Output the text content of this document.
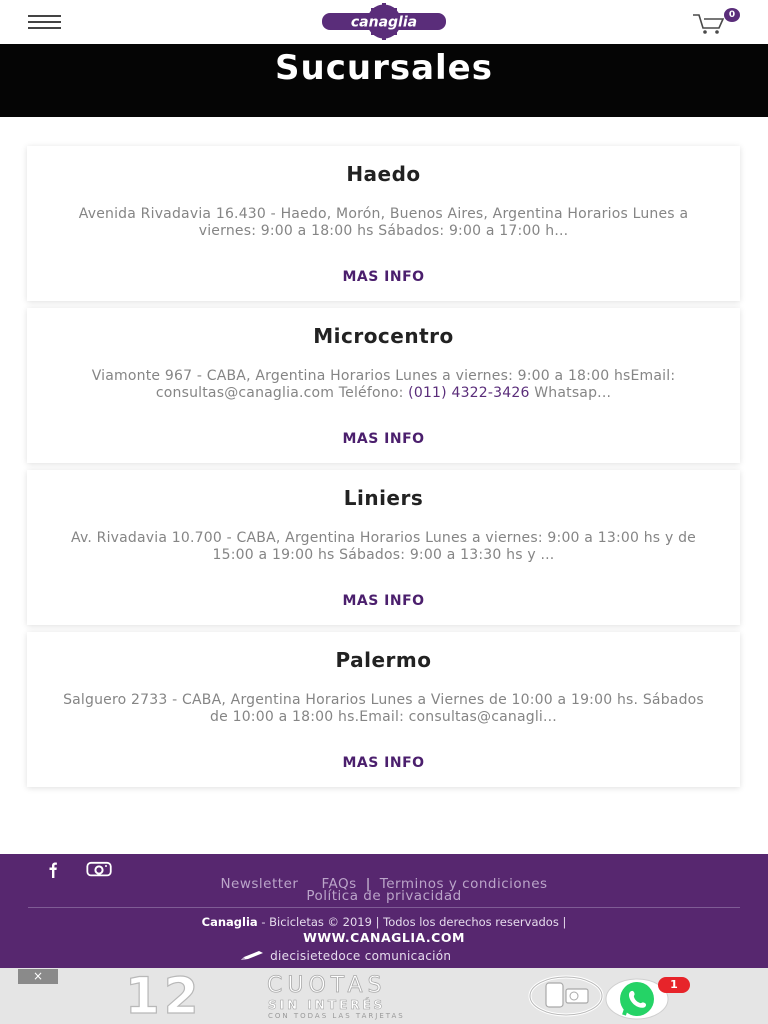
canaglia	0
Sucursales
Haedo
Avenida Rivadavia 16.430 - Haedo, Morón, Buenos Aires, Argentina Horarios Lunes a viernes: 9:00 a 18:00 hs Sábados: 9:00 a 17:00 h...
MAS INFO
Microcentro
Viamonte 967 - CABA, Argentina Horarios Lunes a viernes: 9:00 a 18:00 hsEmail: consultas@canaglia.com Teléfono: (011) 4322-3426 Whatsap...
MAS INFO
Liniers
Av. Rivadavia 10.700 - CABA, Argentina Horarios Lunes a viernes: 9:00 a 13:00 hs y de 15:00 a 19:00 hs Sábados: 9:00 a 13:30 hs y ...
MAS INFO
Palermo
Salguero 2733 - CABA, Argentina Horarios Lunes a Viernes de 10:00 a 19:00 hs. Sábados de 10:00 a 18:00 hs.Email: consultas@canagli...
MAS INFO
Newsletter FAQs | Terminos y condiciones
Política de privacidad
Canaglia - Bicicletas © 2019 | Todos los derechos reservados |
WWW.CANAGLIA.COM
diecisietedoce comunicación
× 12	CUOTAS
SIN INTERÉS
CON TODAS LAS TARJETAS
1
